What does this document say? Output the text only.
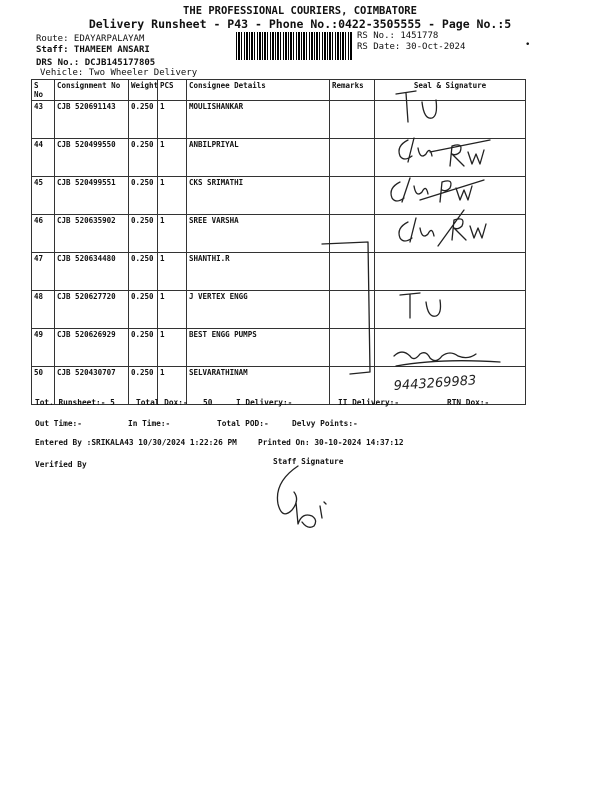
THE PROFESSIONAL COURIERS, COIMBATORE
Delivery Runsheet - P43 - Phone No.:0422-3505555 - Page No.:5
Route: EDAYARPALAYAM
Staff: THAMEEM ANSARI
DRS No.: DCJB145177805
Vehicle: Two Wheeler Delivery
RS No.: 1451778
RS Date: 30-Oct-2024	•
S No	Consignment No	Weight	PCS	Consignee Details	Remarks	Seal & Signature
43	CJB 520691143	0.250	1	MOULISHANKAR		
44	CJB 520499550	0.250	1	ANBILPRIYAL		
45	CJB 520499551	0.250	1	CKS SRIMATHI		
46	CJB 520635902	0.250	1	SREE VARSHA		
47	CJB 520634480	0.250	1	SHANTHI.R		
48	CJB 520627720	0.250	1	J VERTEX ENGG		
49	CJB 520626929	0.250	1	BEST ENGG PUMPS		
50	CJB 520430707	0.250	1	SELVARATHINAM		
9443269983
Tot. Runsheet:- 5	Total Dox:- 50	I Delivery:-	II Delivery:-	RTN Dox:-
Out Time:-	In Time:-	Total POD:-	Delvy Points:-
Entered By :SRIKALA43 10/30/2024 1:22:26 PM	Printed On: 30-10-2024 14:37:12
Verified By	Staff Signature
